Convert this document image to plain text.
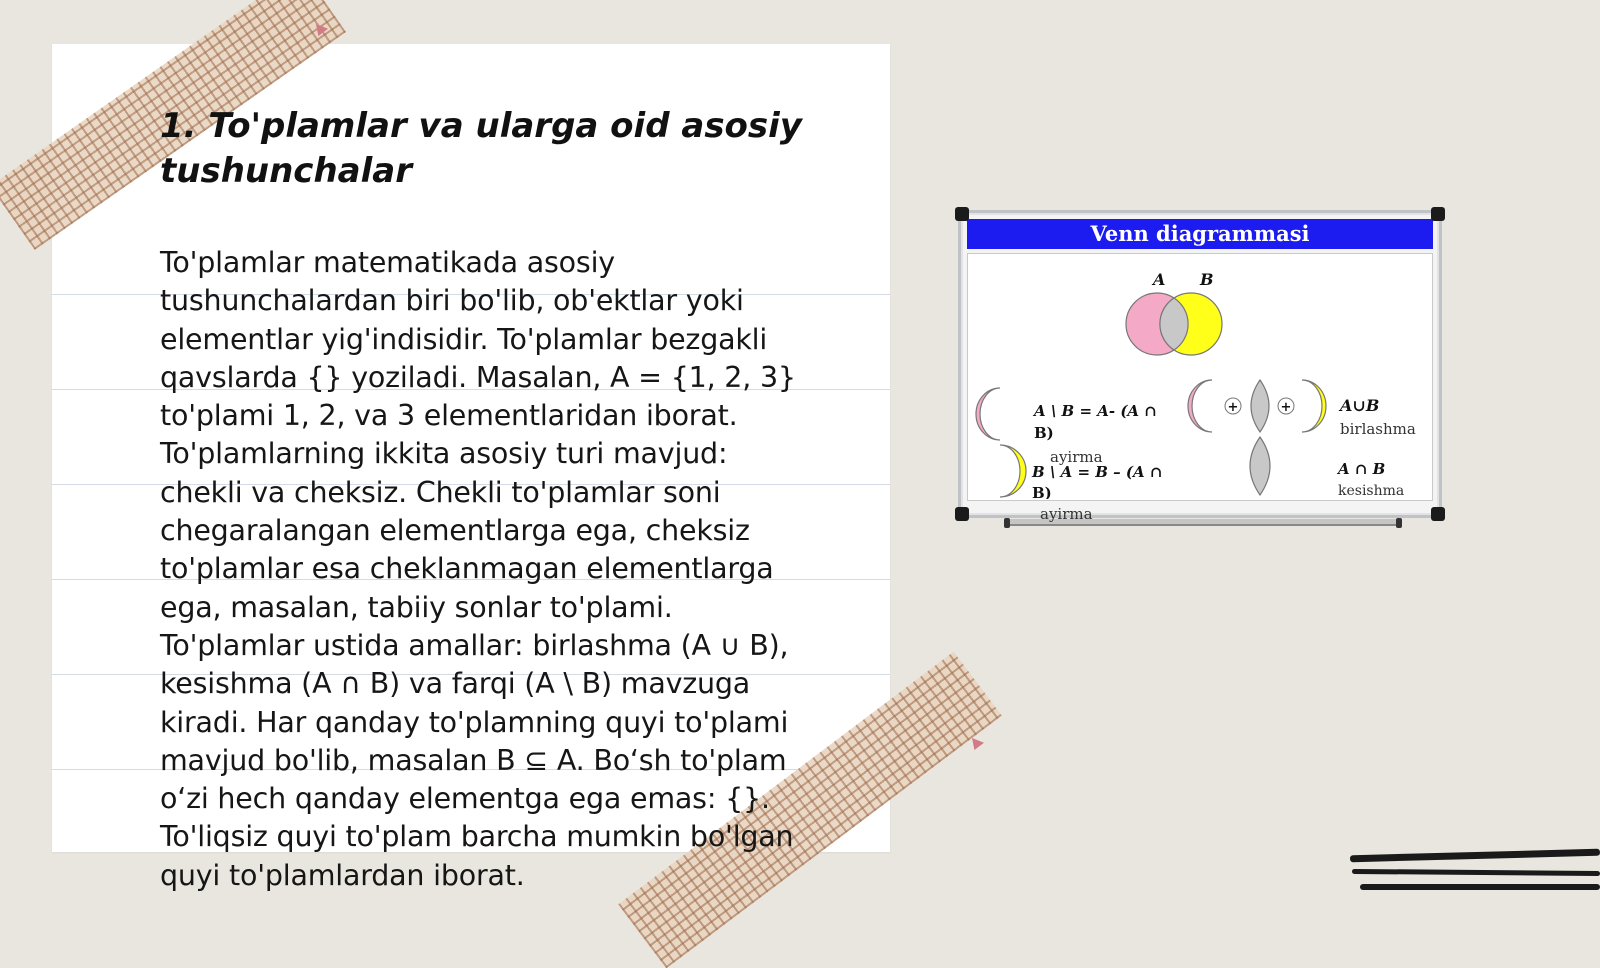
1. To'plamlar va ularga oid asosiy tushunchalar
To'plamlar matematikada asosiy
tushunchalardan biri bo'lib, ob'ektlar yoki
elementlar yig'indisidir. To'plamlar bezgakli
qavslarda {} yoziladi. Masalan, A = {1, 2, 3}
to'plami 1, 2, va 3 elementlaridan iborat.
To'plamlarning ikkita asosiy turi mavjud:
chekli va cheksiz. Chekli to'plamlar soni
chegaralangan elementlarga ega, cheksiz
to'plamlar esa cheklanmagan elementlarga
ega, masalan, tabiiy sonlar to'plami.
To'plamlar ustida amallar: birlashma (A ∪ B),
kesishma (A ∩ B) va farqi (A \ B) mavzuga
kiradi. Har qanday to'plamning quyi to'plami
mavjud bo'lib, masalan B ⊆ A. Bo‘sh to'plam
o‘zi hech qanday elementga ega emas: {}.
To'liqsiz quyi to'plam barcha mumkin bo'lgan
quyi to'plamlardan iborat.
Venn diagrammasi
A B
A \ B = A- (A ∩
B)
ayirma
B \ A = B – (A ∩
B)
+	+	A∪B
birlashma
A ∩ B
kesishma
ayirma
